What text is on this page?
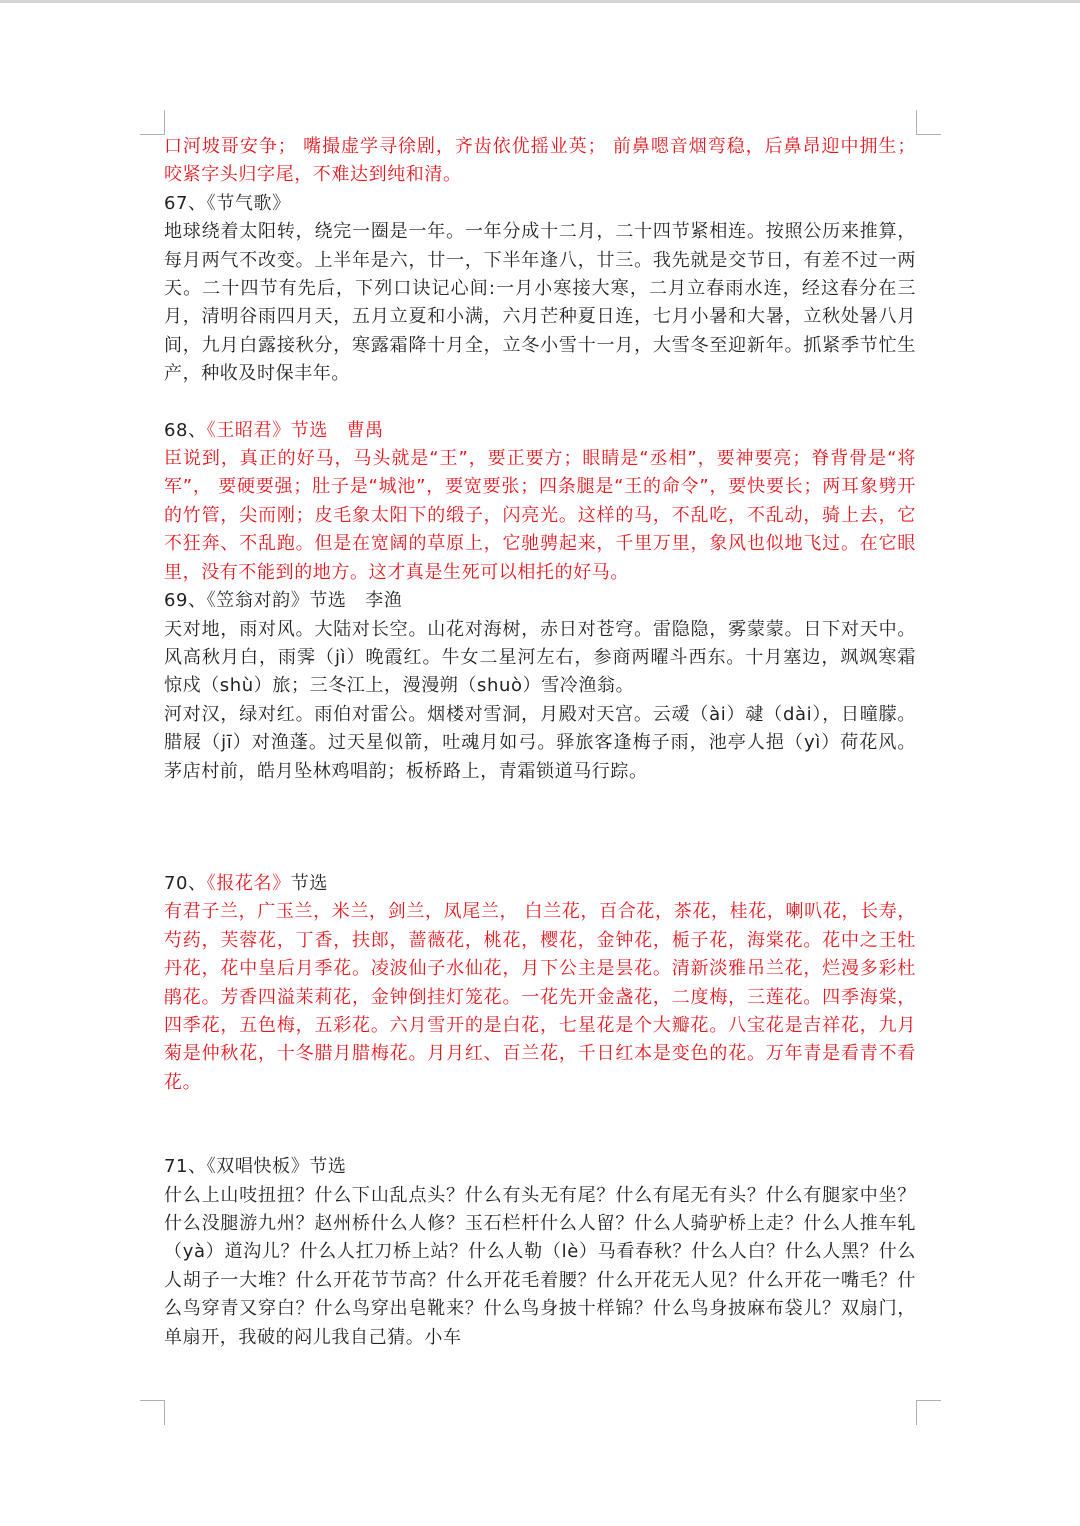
口河坡哥安争； 嘴撮虚学寻徐剧，齐齿依优摇业英； 前鼻嗯音烟弯稳，后鼻昂迎中拥生； 咬紧字头归字尾，不难达到纯和清。

67、《节气歌》

地球绕着太阳转，绕完一圈是一年。一年分成十二月，二十四节紧相连。按照公历来推算，每月两气不改变。上半年是六，廿一，下半年逢八，廿三。我先就是交节日，有差不过一两天。二十四节有先后，下列口诀记心间:一月小寒接大寒，二月立春雨水连，经这春分在三月，清明谷雨四月天，五月立夏和小满，六月芒种夏日连，七月小暑和大暑，立秋处暑八月间，九月白露接秋分，寒露霜降十月全，立冬小雪十一月，大雪冬至迎新年。抓紧季节忙生产，种收及时保丰年。

68、《王昭君》节选　曹禺

臣说到，真正的好马，马头就是“王”，要正要方；眼睛是“丞相”，要神要亮；脊背骨是“将军”， 要硬要强；肚子是“城池”，要宽要张；四条腿是“王的命令”，要快要长；两耳象劈开的竹管，尖而刚；皮毛象太阳下的缎子，闪亮光。这样的马，不乱吃，不乱动，骑上去，它不狂奔、不乱跑。但是在宽阔的草原上，它驰骋起来，千里万里，象风也似地飞过。在它眼里，没有不能到的地方。这才真是生死可以相托的好马。

69、《笠翁对韵》节选　李渔

天对地，雨对风。大陆对长空。山花对海树，赤日对苍穹。雷隐隐，雾蒙蒙。日下对天中。风高秋月白，雨霁（jì）晚霞红。牛女二星河左右，参商两曜斗西东。十月塞边，飒飒寒霜惊戍（shù）旅；三冬江上，漫漫朔（shuò）雪冷渔翁。

河对汉，绿对红。雨伯对雷公。烟楼对雪洞，月殿对天宫。云叆（ài）叇（dài），日曈朦。腊屐（jī）对渔蓬。过天星似箭，吐魂月如弓。驿旅客逢梅子雨，池亭人挹（yì）荷花风。茅店村前，皓月坠林鸡唱韵；板桥路上，青霜锁道马行踪。

70、《报花名》节选

有君子兰，广玉兰，米兰，剑兰，凤尾兰， 白兰花，百合花，茶花，桂花，喇叭花，长寿，芍药，芙蓉花，丁香，扶郎，蔷薇花，桃花，樱花，金钟花，栀子花，海棠花。花中之王牡丹花，花中皇后月季花。凌波仙子水仙花，月下公主是昙花。清新淡雅吊兰花，烂漫多彩杜鹃花。芳香四溢茉莉花，金钟倒挂灯笼花。一花先开金盏花，二度梅，三莲花。四季海棠，四季花，五色梅，五彩花。六月雪开的是白花，七星花是个大瓣花。八宝花是吉祥花，九月菊是仲秋花，十冬腊月腊梅花。月月红、百兰花，千日红本是变色的花。万年青是看青不看花。

71、《双唱快板》节选

什么上山吱扭扭？什么下山乱点头？什么有头无有尾？什么有尾无有头？什么有腿家中坐？什么没腿游九州？赵州桥什么人修？玉石栏杆什么人留？什么人骑驴桥上走？什么人推车轧（yà）道沟儿？什么人扛刀桥上站？什么人勒（lè）马看春秋？什么人白？什么人黑？什么人胡子一大堆？什么开花节节高？什么开花毛着腰？什么开花无人见？什么开花一嘴毛？什么鸟穿青又穿白？什么鸟穿出皂靴来？什么鸟身披十样锦？什么鸟身披麻布袋儿？双扇门，单扇开，我破的闷儿我自己猜。小车
